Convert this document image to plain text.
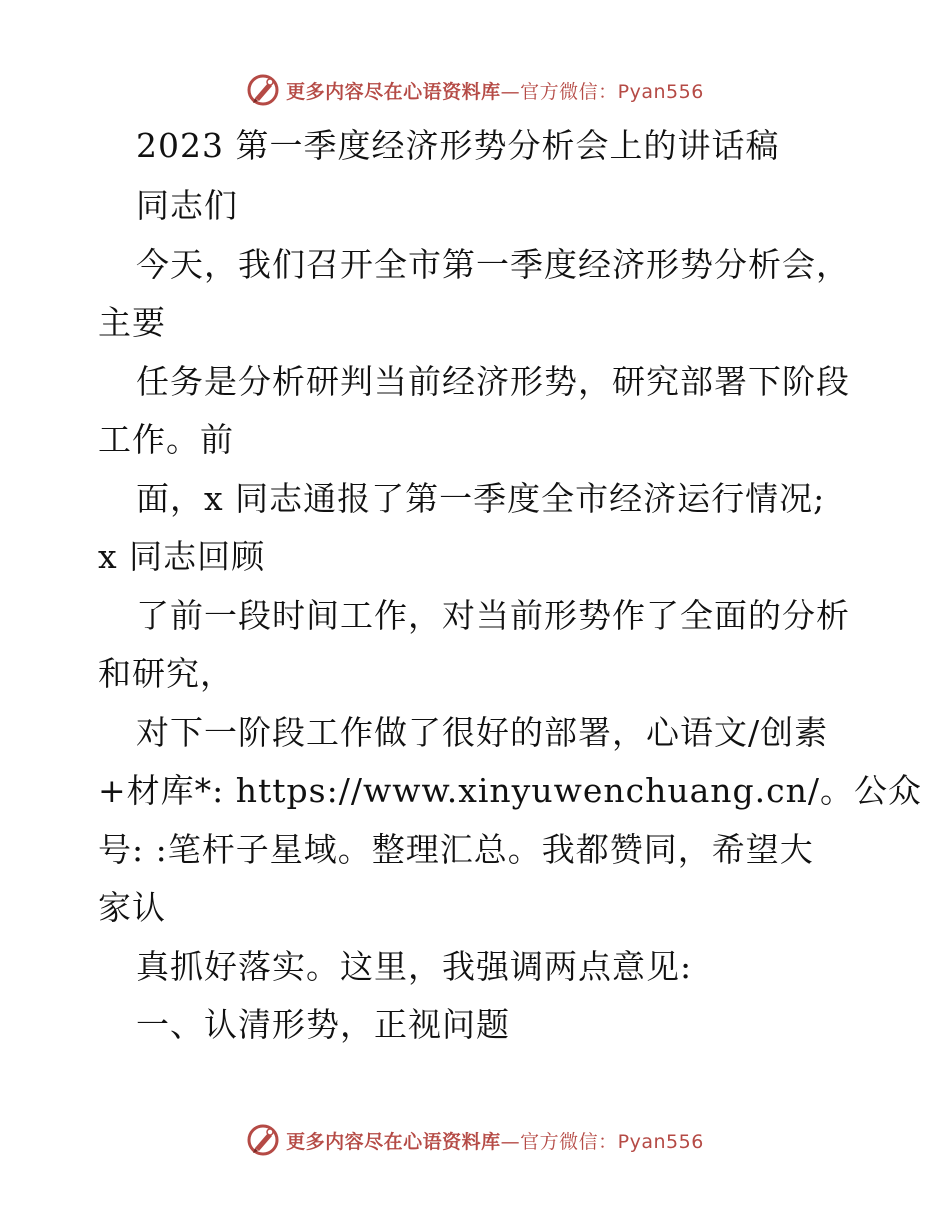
更多内容尽在心语资料库—官方微信：Pyan556
2023 第一季度经济形势分析会上的讲话稿
同志们
今天，我们召开全市第一季度经济形势分析会，
主要
任务是分析研判当前经济形势，研究部署下阶段
工作。前
面，x 同志通报了第一季度全市经济运行情况;
x 同志回顾
了前一段时间工作，对当前形势作了全面的分析
和研究，
对下一阶段工作做了很好的部署，心语文/创素
+材库*: https://www.xinyuwenchuang.cn/。公众
号: :笔杆子星域。整理汇总。我都赞同，希望大
家认
真抓好落实。这里，我强调两点意见:
一、认清形势，正视问题
更多内容尽在心语资料库—官方微信：Pyan556
